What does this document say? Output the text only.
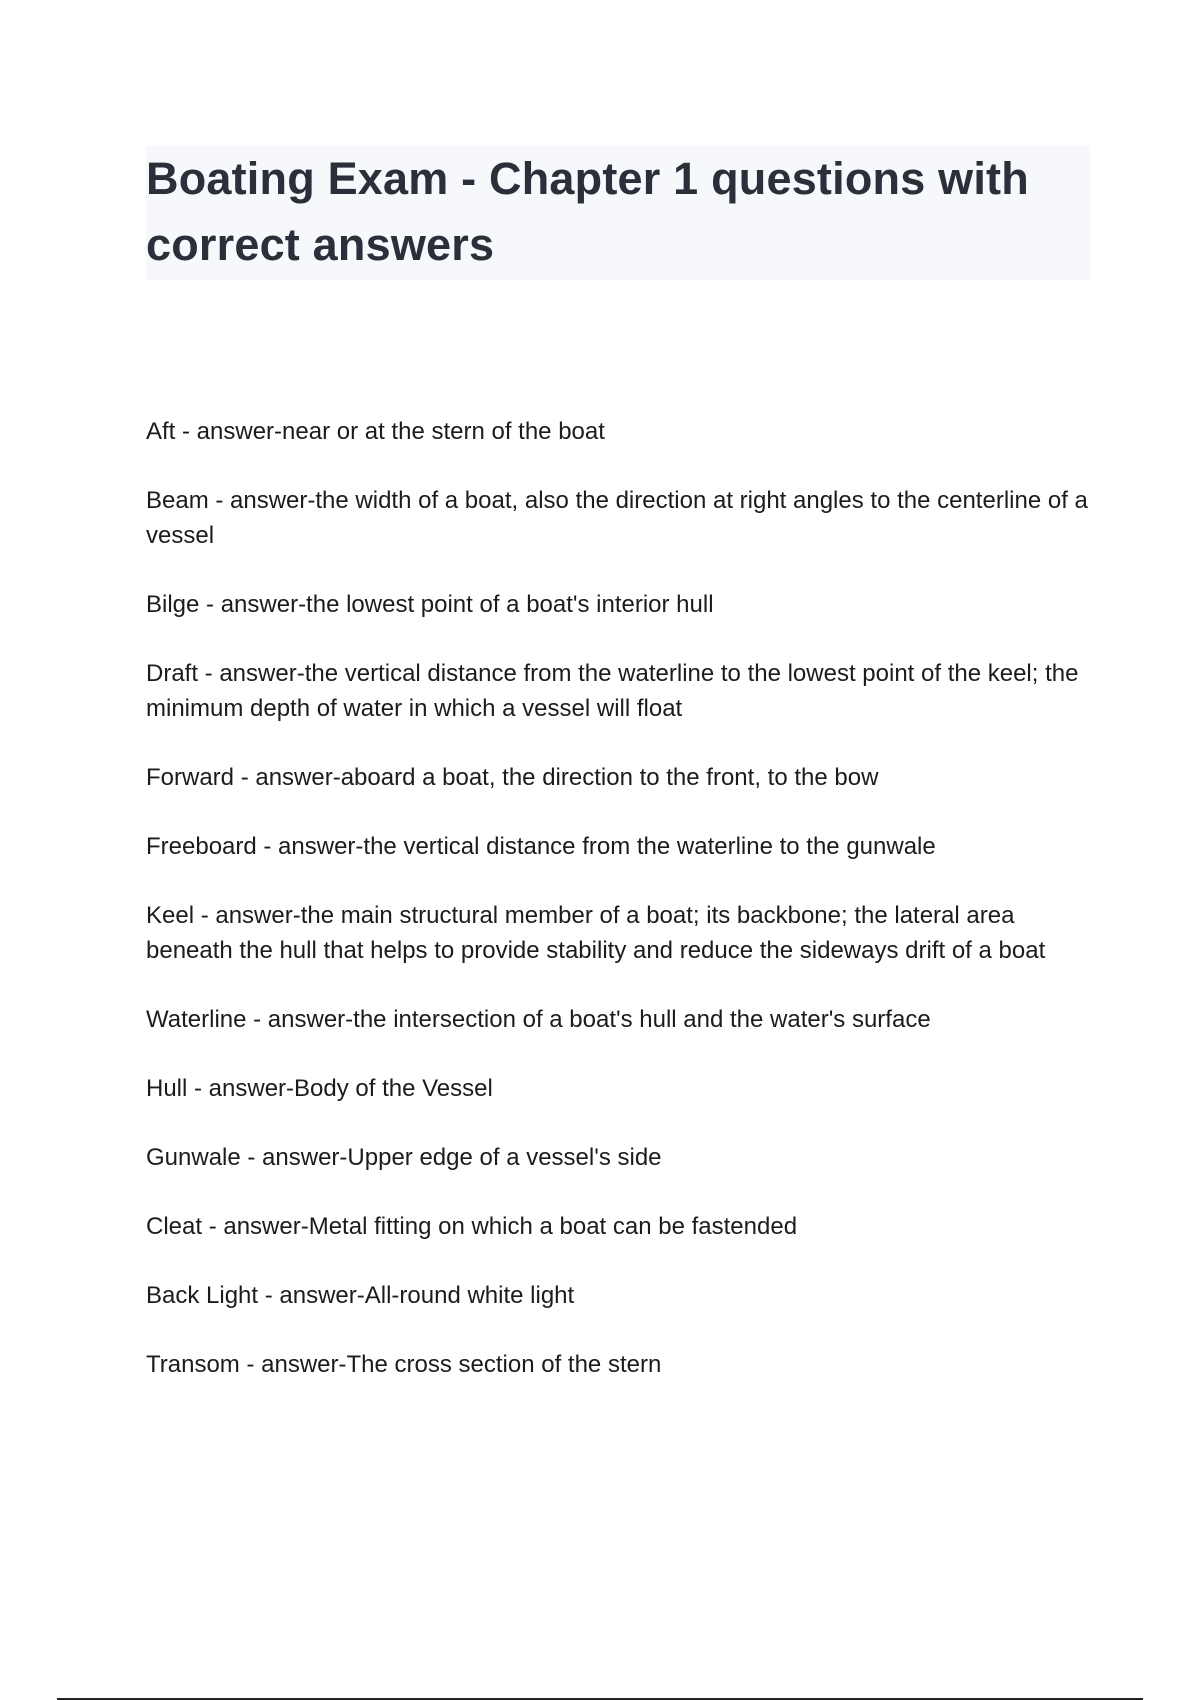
Boating Exam - Chapter 1 questions with correct answers

Aft - answer-near or at the stern of the boat

Beam - answer-the width of a boat, also the direction at right angles to the centerline of a vessel

Bilge - answer-the lowest point of a boat's interior hull

Draft - answer-the vertical distance from the waterline to the lowest point of the keel; the minimum depth of water in which a vessel will float

Forward - answer-aboard a boat, the direction to the front, to the bow

Freeboard - answer-the vertical distance from the waterline to the gunwale

Keel - answer-the main structural member of a boat; its backbone; the lateral area beneath the hull that helps to provide stability and reduce the sideways drift of a boat

Waterline - answer-the intersection of a boat's hull and the water's surface

Hull - answer-Body of the Vessel

Gunwale - answer-Upper edge of a vessel's side

Cleat - answer-Metal fitting on which a boat can be fastended

Back Light - answer-All-round white light

Transom - answer-The cross section of the stern
